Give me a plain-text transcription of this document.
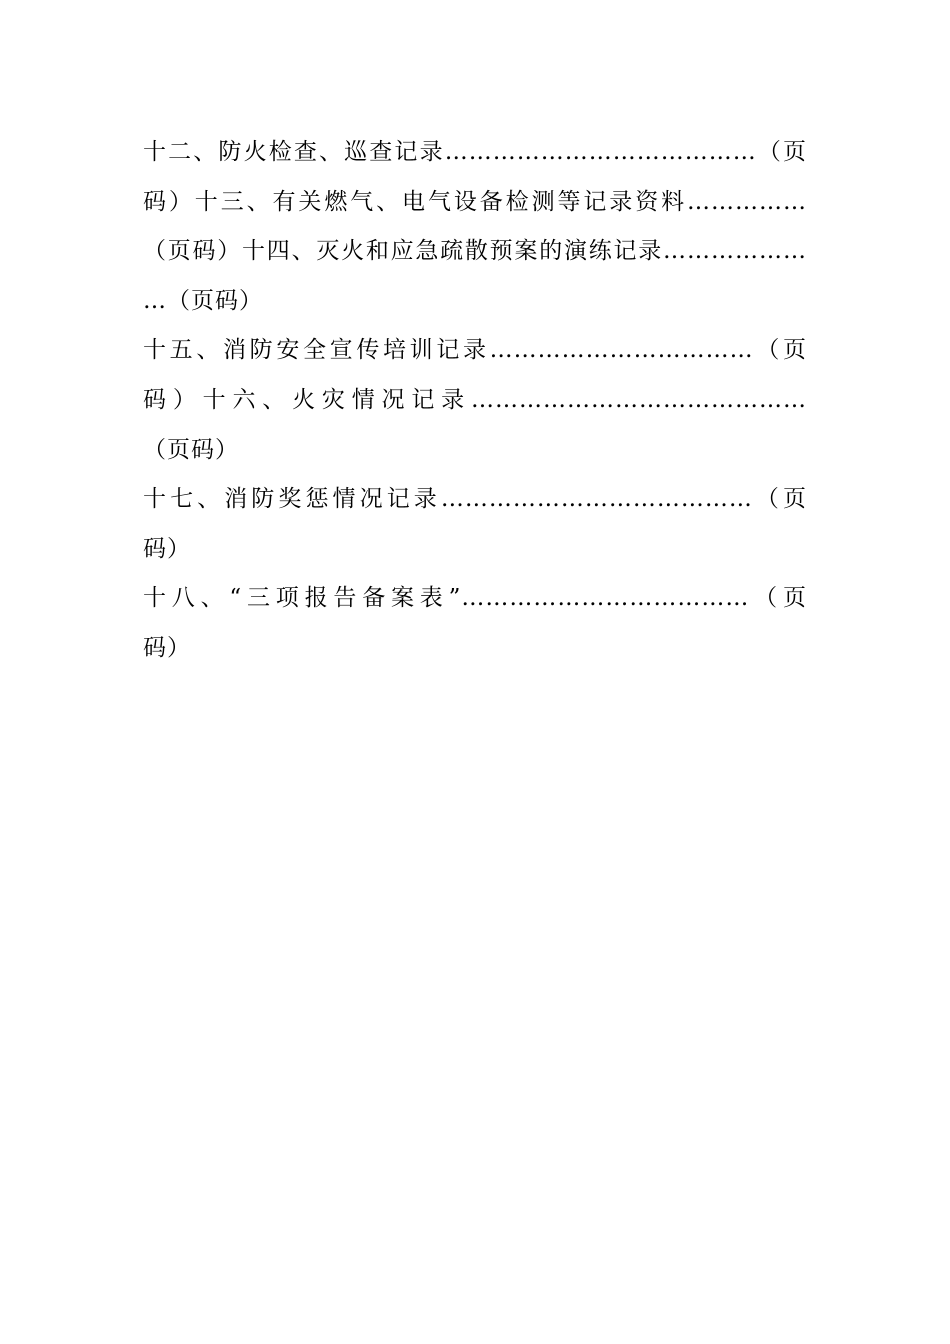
十二、防火检查、巡查记录…………………………………（页
码）十三、有关燃气、电气设备检测等记录资料……………
（页码）十四、灭火和应急疏散预案的演练记录………………
…（页码）
十五、消防安全宣传培训记录……………………………（页
码）十六、火灾情况记录……………………………………
（页码）
十七、消防奖惩情况记录…………………………………（页
码）
十八、“三项报告备案表”………………………………（页
码）
